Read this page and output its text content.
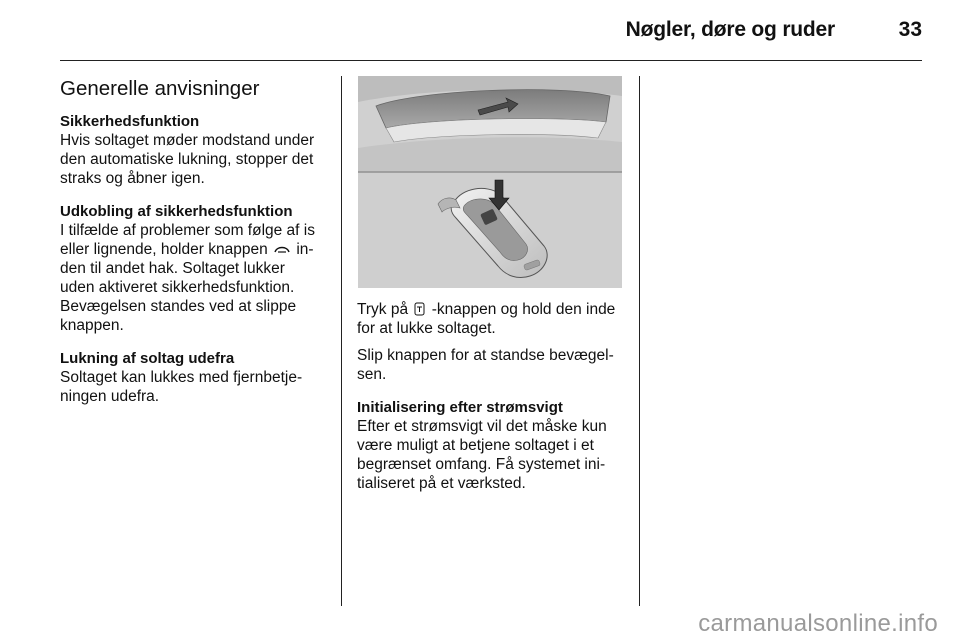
Nøgler, døre og ruder	33
Generelle anvisninger
Sikkerhedsfunktion
Hvis soltaget møder modstand under
den automatiske lukning, stopper det
straks og åbner igen.
Udkobling af sikkerhedsfunktion
I tilfælde af problemer som følge af is
eller lignende, holder knappen in-
den til andet hak. Soltaget lukker
uden aktiveret sikkerhedsfunktion.
Bevægelsen standes ved at slippe
knappen.
Lukning af soltag udefra
Soltaget kan lukkes med fjernbetje-
ningen udefra.
Tryk på -knappen og hold den inde
for at lukke soltaget.
Slip knappen for at standse bevægel-
sen.
Initialisering efter strømsvigt
Efter et strømsvigt vil det måske kun
være muligt at betjene soltaget i et
begrænset omfang. Få systemet ini-
tialiseret på et værksted.
carmanualsonline.info
